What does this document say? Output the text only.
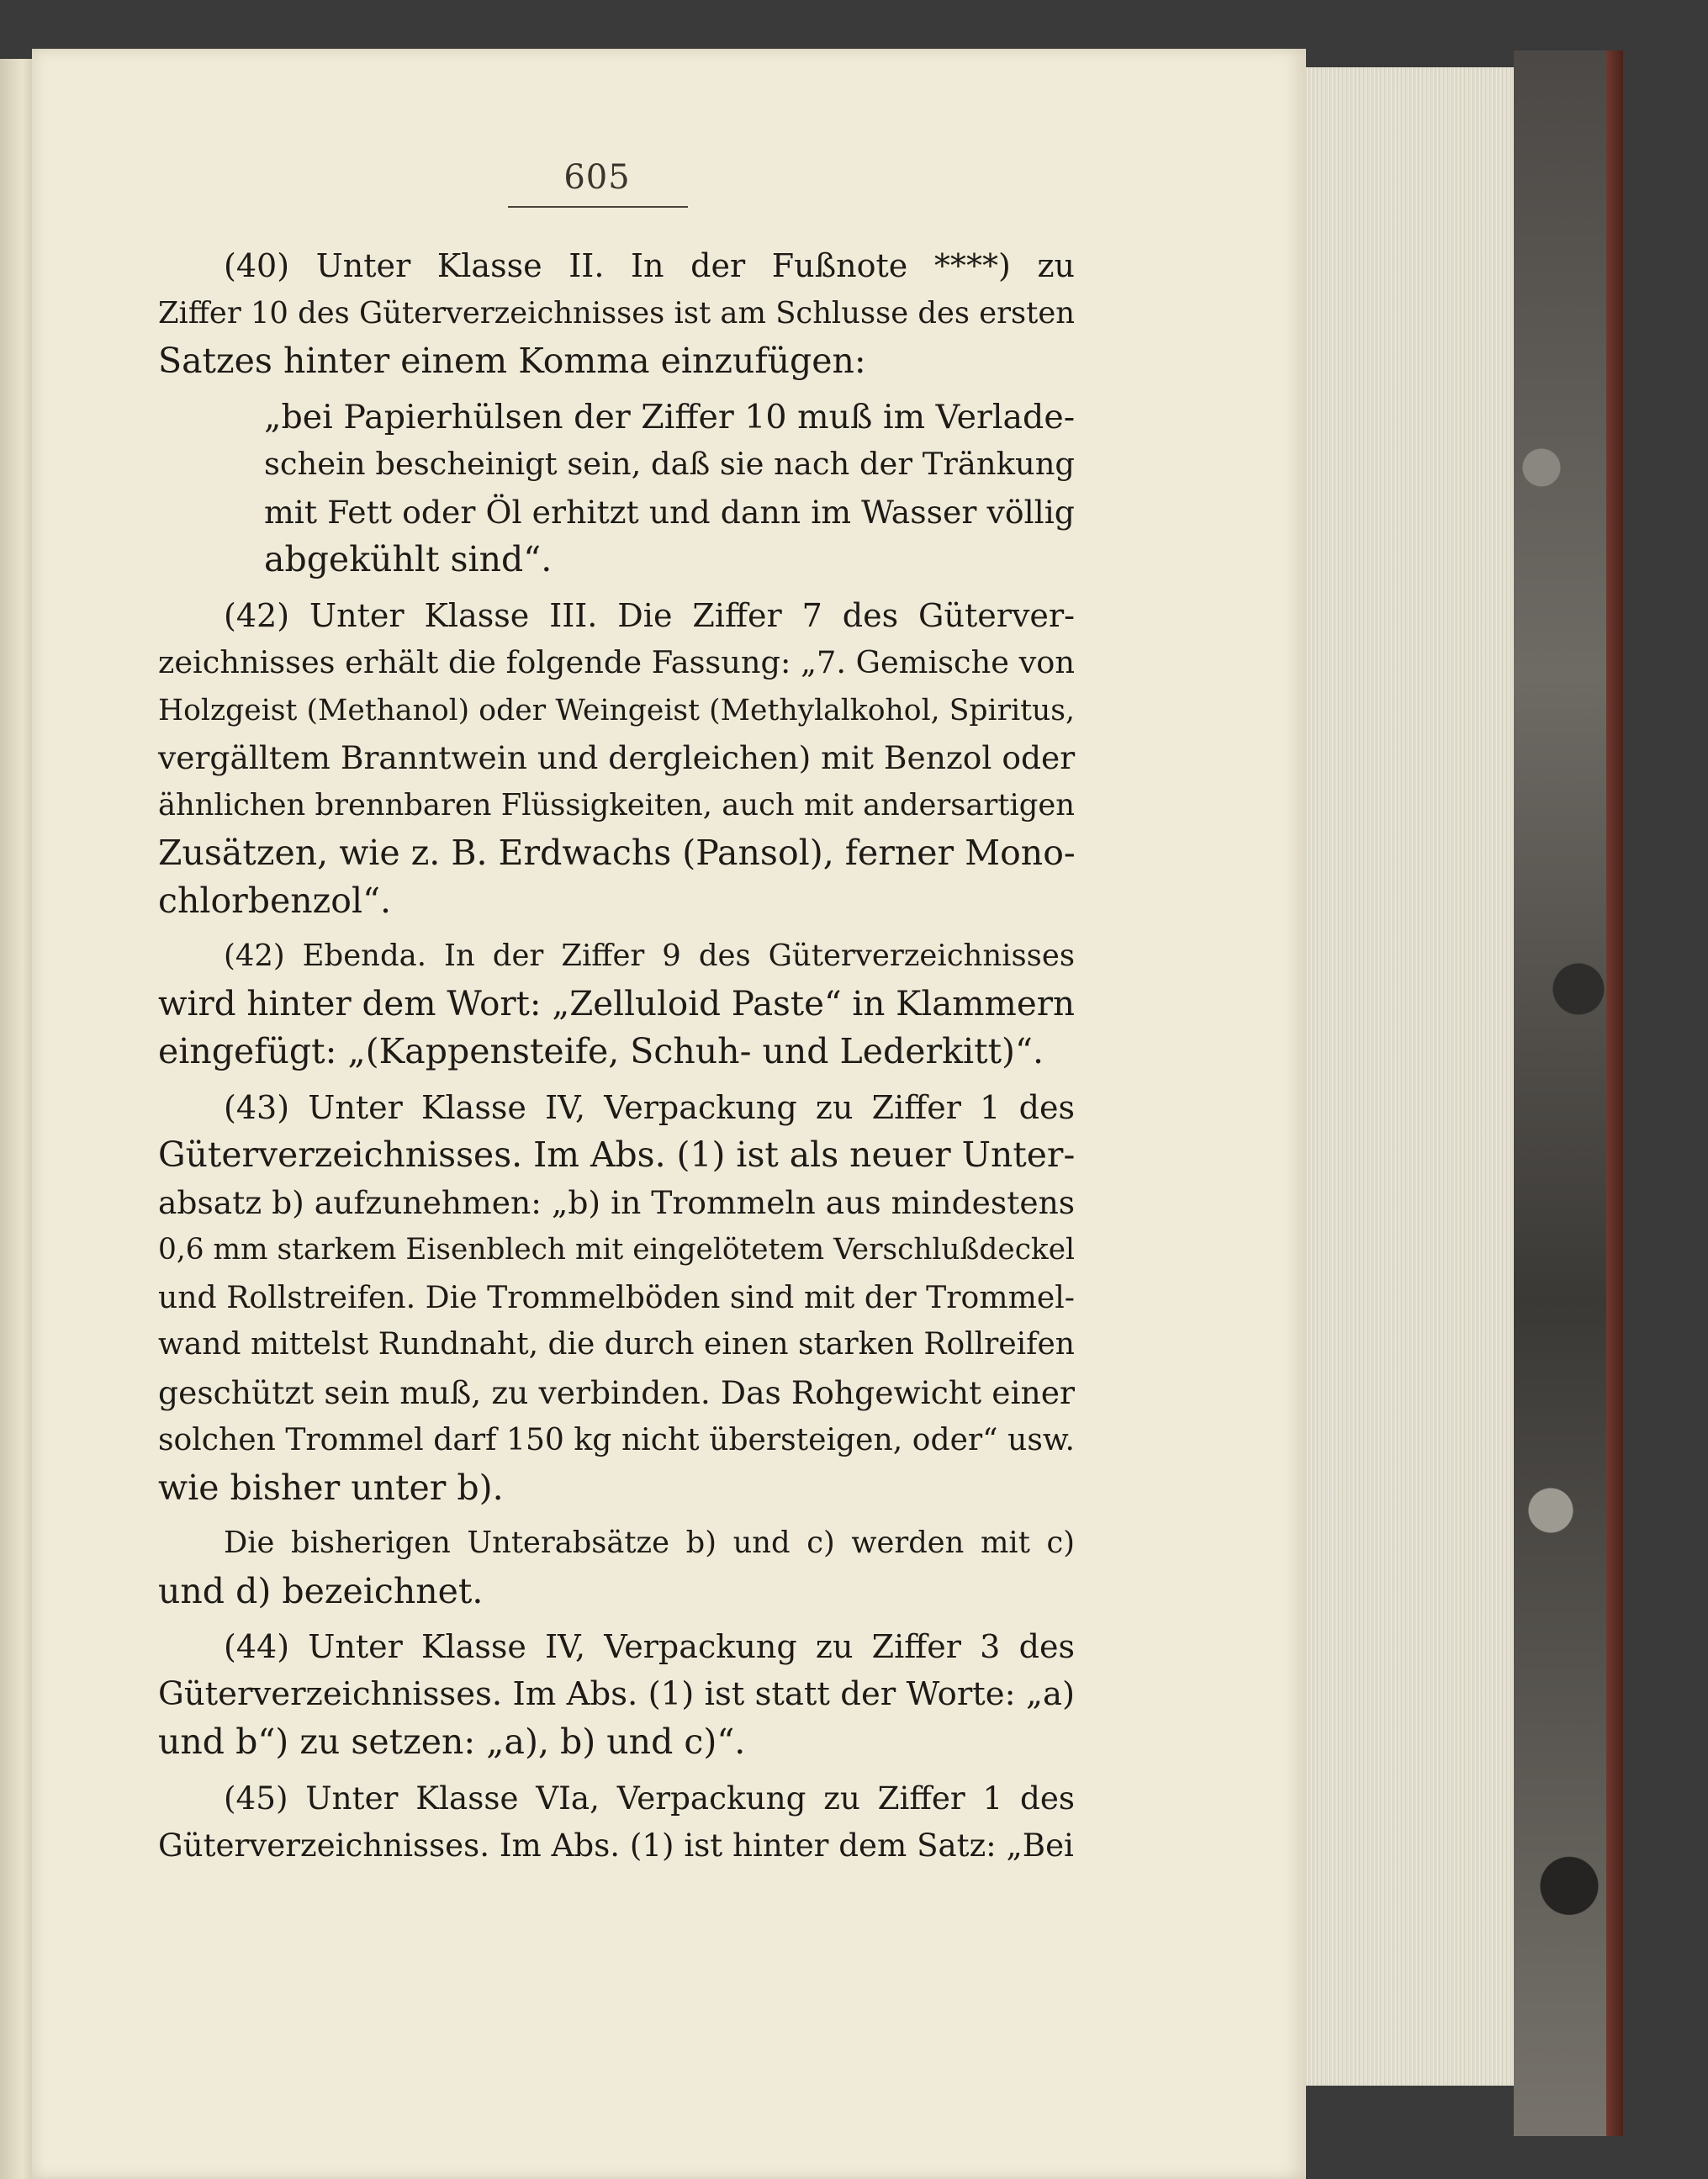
605
(40) Unter Klasse II. In der Fußnote ****) zu
Ziffer 10 des Güterverzeichnisses ist am Schlusse des ersten
Satzes hinter einem Komma einzufügen:
„bei Papierhülsen der Ziffer 10 muß im Verlade-
schein bescheinigt sein, daß sie nach der Tränkung
mit Fett oder Öl erhitzt und dann im Wasser völlig
abgekühlt sind“.
(42) Unter Klasse III. Die Ziffer 7 des Güterver-
zeichnisses erhält die folgende Fassung: „7. Gemische von
Holzgeist (Methanol) oder Weingeist (Methylalkohol, Spiritus,
vergälltem Branntwein und dergleichen) mit Benzol oder
ähnlichen brennbaren Flüssigkeiten, auch mit andersartigen
Zusätzen, wie z. B. Erdwachs (Pansol), ferner Mono-
chlorbenzol“.
(42) Ebenda. In der Ziffer 9 des Güterverzeichnisses
wird hinter dem Wort: „Zelluloid Paste“ in Klammern
eingefügt: „(Kappensteife, Schuh- und Lederkitt)“.
(43) Unter Klasse IV, Verpackung zu Ziffer 1 des
Güterverzeichnisses. Im Abs. (1) ist als neuer Unter-
absatz b) aufzunehmen: „b) in Trommeln aus mindestens
0,6 mm starkem Eisenblech mit eingelötetem Verschlußdeckel
und Rollstreifen. Die Trommelböden sind mit der Trommel-
wand mittelst Rundnaht, die durch einen starken Rollreifen
geschützt sein muß, zu verbinden. Das Rohgewicht einer
solchen Trommel darf 150 kg nicht übersteigen, oder“ usw.
wie bisher unter b).
Die bisherigen Unterabsätze b) und c) werden mit c)
und d) bezeichnet.
(44) Unter Klasse IV, Verpackung zu Ziffer 3 des
Güterverzeichnisses. Im Abs. (1) ist statt der Worte: „a)
und b“) zu setzen: „a), b) und c)“.
(45) Unter Klasse VIa, Verpackung zu Ziffer 1 des
Güterverzeichnisses. Im Abs. (1) ist hinter dem Satz: „Bei
